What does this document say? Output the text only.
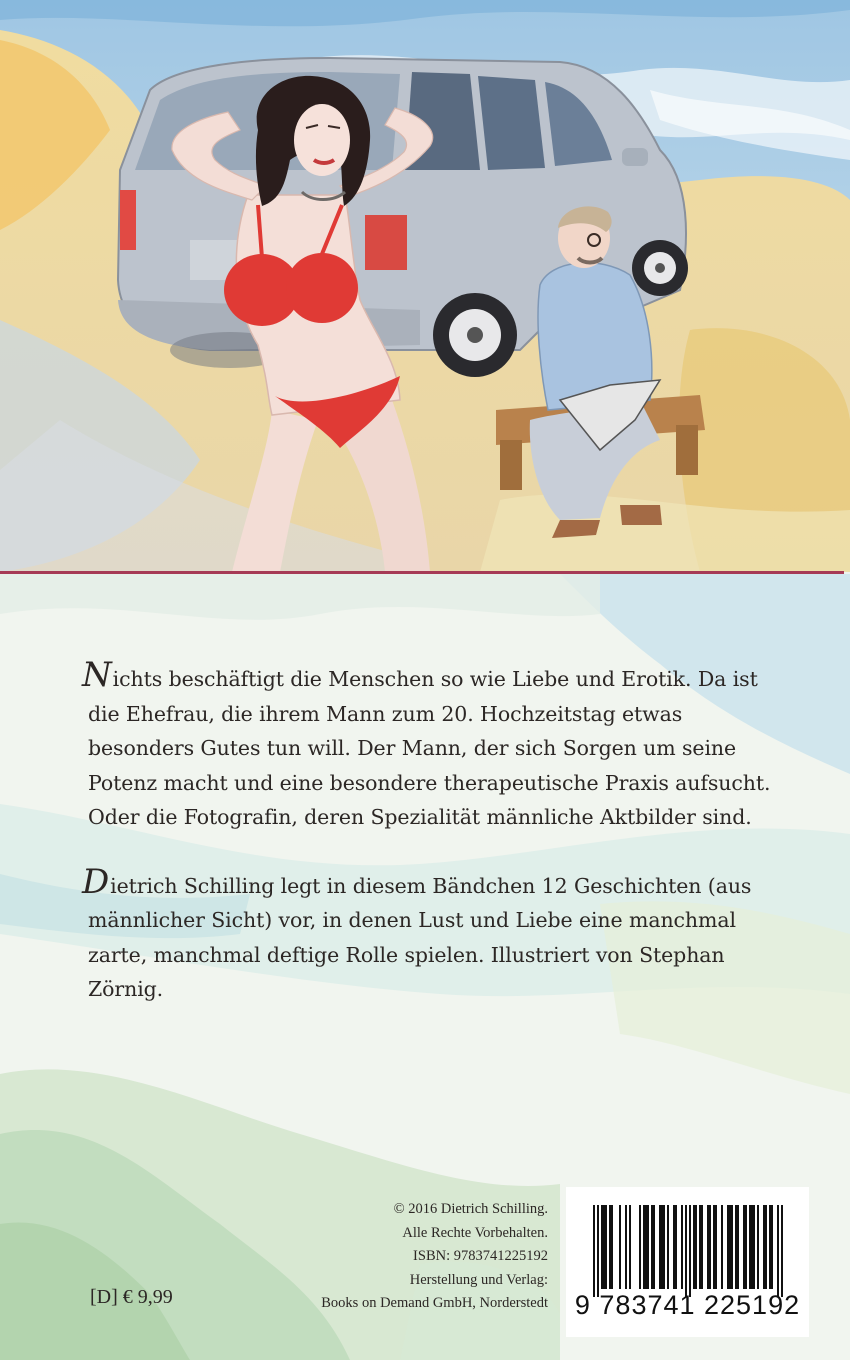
Nichts beschäftigt die Menschen so wie Liebe und Erotik. Da ist die Ehefrau, die ihrem Mann zum 20. Hochzeitstag etwas besonders Gutes tun will. Der Mann, der sich Sorgen um seine Potenz macht und eine besondere therapeutische Praxis aufsucht. Oder die Fotografin, deren Spezialität männliche Aktbilder sind.

Dietrich Schilling legt in diesem Bändchen 12 Geschichten (aus männlicher Sicht) vor, in denen Lust und Liebe eine manchmal zarte, manchmal deftige Rolle spielen. Illustriert von Stephan Zörnig.

© 2016 Dietrich Schilling.
Alle Rechte Vorbehalten.
ISBN: 9783741225192
Herstellung und Verlag:
Books on Demand GmbH, Norderstedt
[D] € 9,99	9 783741 225192
